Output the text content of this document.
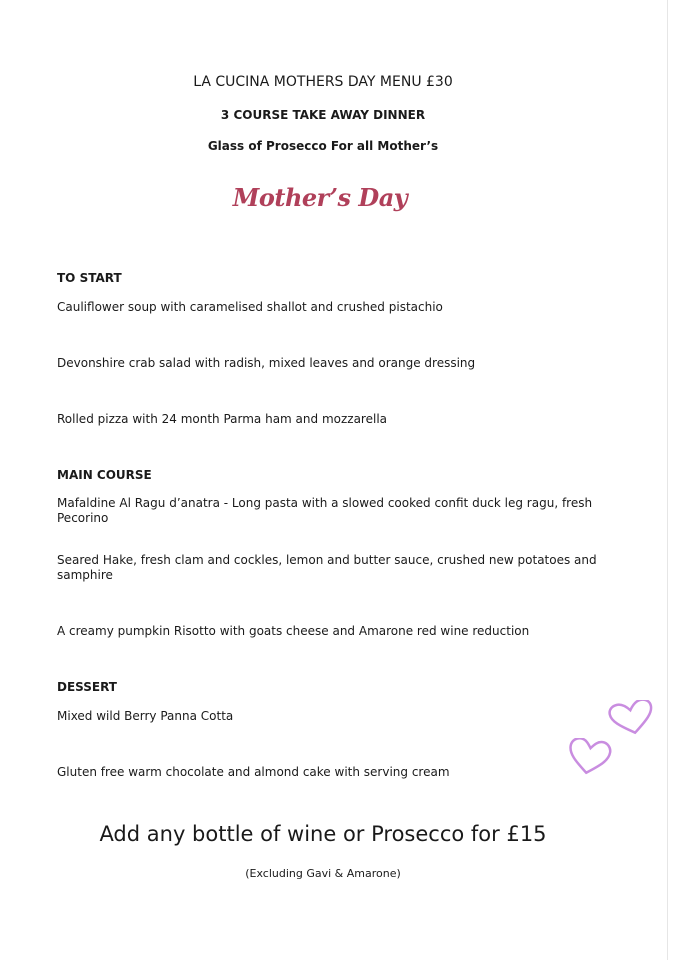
LA CUCINA MOTHERS DAY MENU £30
3 COURSE TAKE AWAY DINNER
Glass of Prosecco For all Mother’s
Mother’s Day
TO START
Cauliflower soup with caramelised shallot and crushed pistachio
Devonshire crab salad with radish, mixed leaves and orange dressing
Rolled pizza with 24 month Parma ham and mozzarella
MAIN COURSE
Mafaldine Al Ragu d’anatra - Long pasta with a slowed cooked confit duck leg ragu, fresh Pecorino
Seared Hake, fresh clam and cockles, lemon and butter sauce, crushed new potatoes and samphire
A creamy pumpkin Risotto with goats cheese and Amarone red wine reduction
DESSERT
Mixed wild Berry Panna Cotta
Gluten free warm chocolate and almond cake with serving cream
Add any bottle of wine or Prosecco for £15
(Excluding Gavi & Amarone)
